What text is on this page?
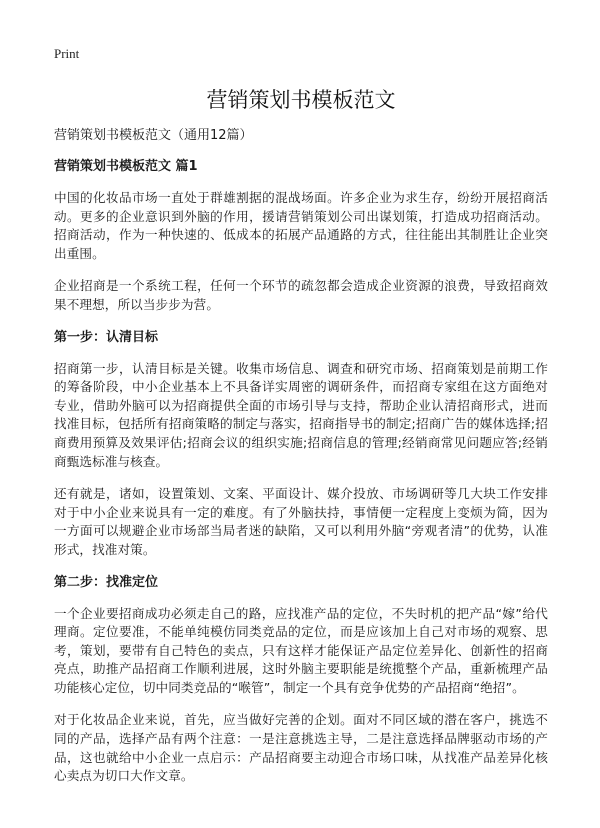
Print

营销策划书模板范文

营销策划书模板范文（通用12篇）

营销策划书模板范文 篇1

中国的化妆品市场一直处于群雄割据的混战场面。许多企业为求生存，纷纷开展招商活动。更多的企业意识到外脑的作用，援请营销策划公司出谋划策，打造成功招商活动。招商活动，作为一种快速的、低成本的拓展产品通路的方式，往往能出其制胜让企业突出重围。

企业招商是一个系统工程，任何一个环节的疏忽都会造成企业资源的浪费，导致招商效果不理想，所以当步步为营。

第一步：认清目标

招商第一步，认清目标是关键。收集市场信息、调查和研究市场、招商策划是前期工作的筹备阶段，中小企业基本上不具备详实周密的调研条件，而招商专家组在这方面绝对专业，借助外脑可以为招商提供全面的市场引导与支持，帮助企业认清招商形式，进而找准目标，包括所有招商策略的制定与落实，招商指导书的制定;招商广告的媒体选择;招商费用预算及效果评估;招商会议的组织实施;招商信息的管理;经销商常见问题应答;经销商甄选标准与核查。

还有就是，诸如，设置策划、文案、平面设计、媒介投放、市场调研等几大块工作安排对于中小企业来说具有一定的难度。有了外脑扶持，事情便一定程度上变烦为简，因为一方面可以规避企业市场部当局者迷的缺陷，又可以利用外脑“旁观者清”的优势，认准形式，找准对策。

第二步：找准定位

一个企业要招商成功必须走自己的路，应找准产品的定位，不失时机的把产品“嫁”给代理商。定位要准，不能单纯模仿同类竞品的定位，而是应该加上自己对市场的观察、思考，策划，要带有自己特色的卖点，只有这样才能保证产品定位差异化、创新性的招商亮点，助推产品招商工作顺利进展，这时外脑主要职能是统揽整个产品，重新梳理产品功能核心定位，切中同类竞品的“喉管”，制定一个具有竞争优势的产品招商“绝招”。

对于化妆品企业来说，首先，应当做好完善的企划。面对不同区域的潜在客户，挑选不同的产品，选择产品有两个注意：一是注意挑选主导，二是注意选择品牌驱动市场的产品，这也就给中小企业一点启示：产品招商要主动迎合市场口味，从找准产品差异化核心卖点为切口大作文章。
